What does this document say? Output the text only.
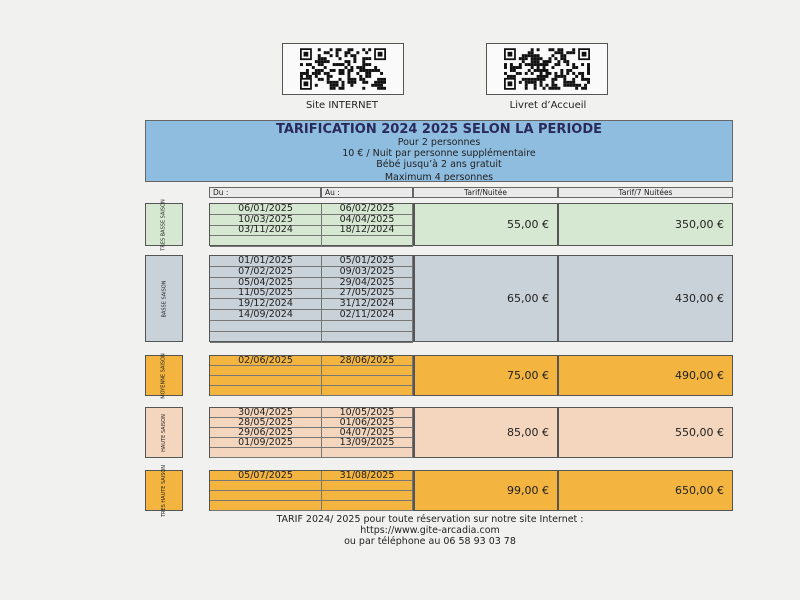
Site INTERNET	Livret d’Accueil
TARIFICATION 2024 2025 SELON LA PERIODE
Pour 2 personnes
10 € / Nuit par personne supplémentaire
Bébé jusqu’à 2 ans gratuit
Maximum 4 personnes
Du :	Au :	Tarif/Nuitée	Tarif/7 Nuitées
TRES BASSE SAISON	06/01/2025	06/02/2025
10/03/2025	04/04/2025
03/11/2024	18/12/2024	55,00 €	350,00 €
BASSE SAISON
01/01/2025	05/01/2025
07/02/2025	09/03/2025
05/04/2025	29/04/2025
11/05/2025	27/05/2025
19/12/2024	31/12/2024
14/09/2024	02/11/2024
65,00 €	430,00 €
MOYENNE SAISON	02/06/2025	28/06/2025
75,00 €	490,00 €
HAUTE SAISON
30/04/2025	10/05/2025
28/05/2025	01/06/2025
29/06/2025	04/07/2025
01/09/2025	13/09/2025
85,00 €	550,00 €
TRES HAUTE SAISON	05/07/2025	31/08/2025
99,00 €	650,00 €
TARIF 2024/ 2025 pour toute réservation sur notre site Internet :
https://www.gite-arcadia.com
ou par téléphone au 06 58 93 03 78
